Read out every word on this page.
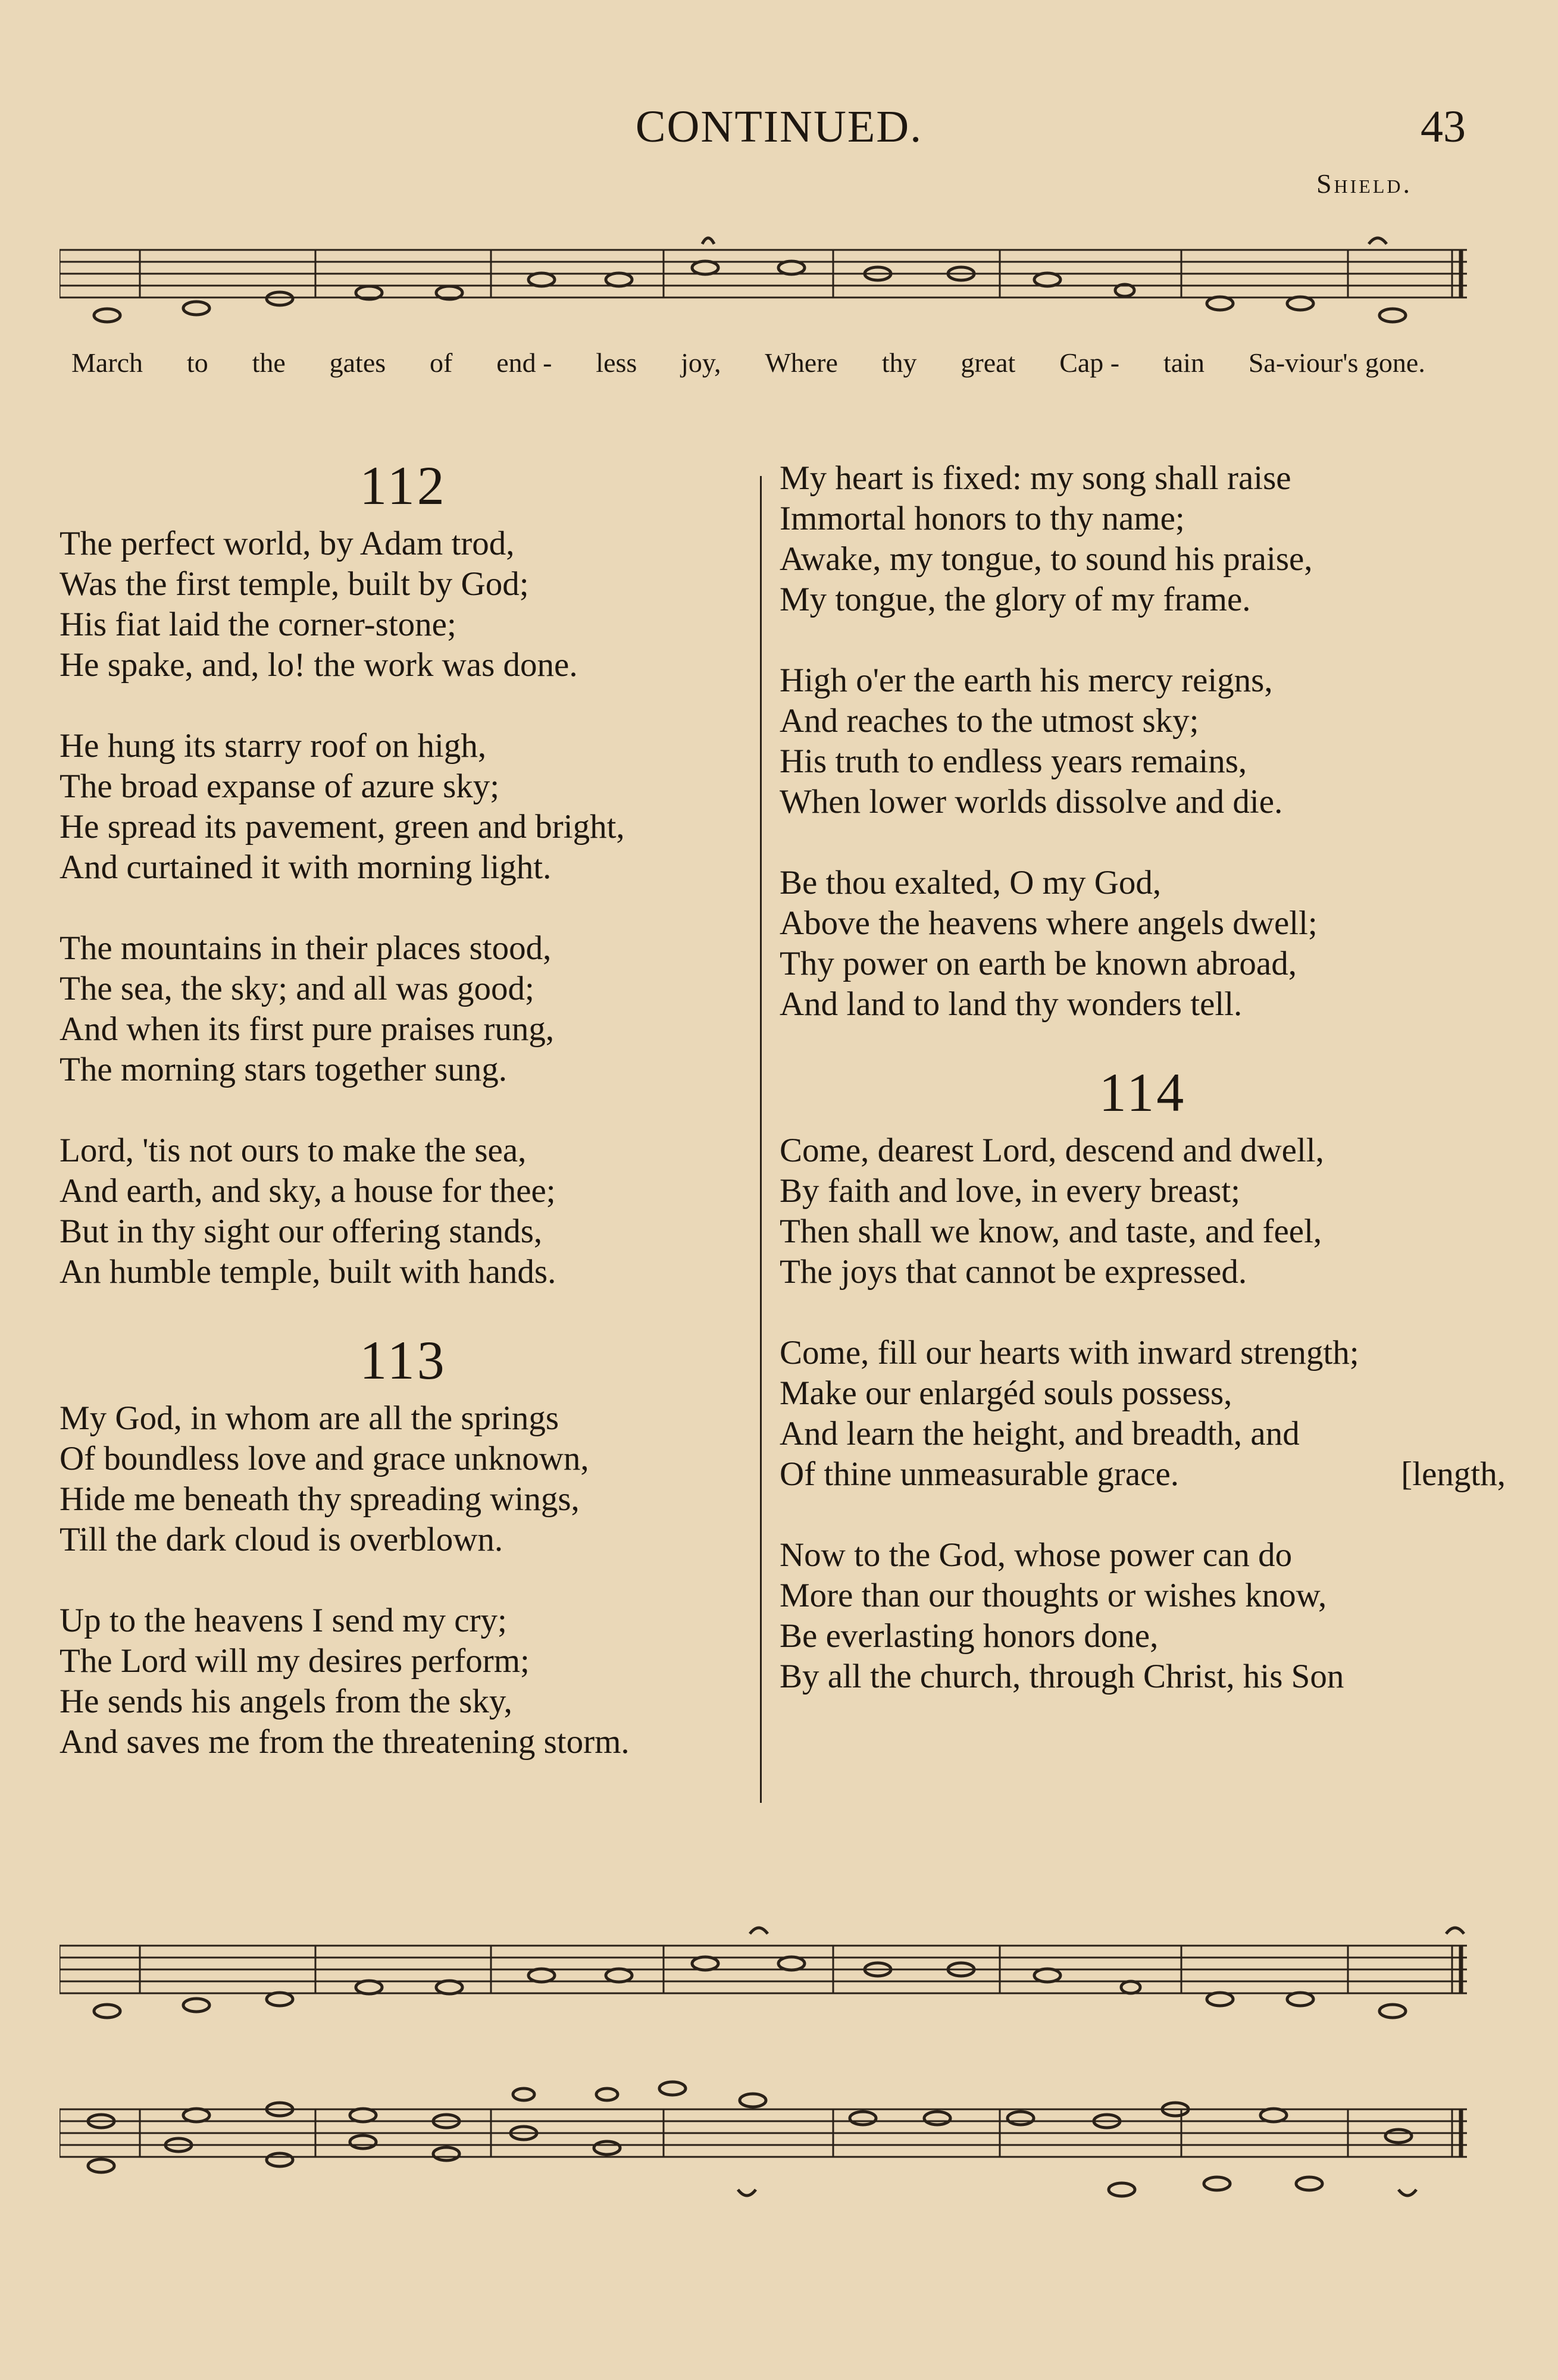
CONTINUED.	43
Shield.
March to the gates of end - less joy, Where thy great Cap - tain Sa-viour's gone.
112
The perfect world, by Adam trod,
Was the first temple, built by God;
His fiat laid the corner-stone;
He spake, and, lo! the work was done.
He hung its starry roof on high,
The broad expanse of azure sky;
He spread its pavement, green and bright,
And curtained it with morning light.
The mountains in their places stood,
The sea, the sky; and all was good;
And when its first pure praises rung,
The morning stars together sung.
Lord, 'tis not ours to make the sea,
And earth, and sky, a house for thee;
But in thy sight our offering stands,
An humble temple, built with hands.
113
My God, in whom are all the springs
Of boundless love and grace unknown,
Hide me beneath thy spreading wings,
Till the dark cloud is overblown.
Up to the heavens I send my cry;
The Lord will my desires perform;
He sends his angels from the sky,
And saves me from the threatening storm.
My heart is fixed: my song shall raise
Immortal honors to thy name;
Awake, my tongue, to sound his praise,
My tongue, the glory of my frame.
High o'er the earth his mercy reigns,
And reaches to the utmost sky;
His truth to endless years remains,
When lower worlds dissolve and die.
Be thou exalted, O my God,
Above the heavens where angels dwell;
Thy power on earth be known abroad,
And land to land thy wonders tell.
114
Come, dearest Lord, descend and dwell,
By faith and love, in every breast;
Then shall we know, and taste, and feel,
The joys that cannot be expressed.
Come, fill our hearts with inward strength;
Make our enlargéd souls possess,
And learn the height, and breadth, and
Of thine unmeasurable grace.	[length,
Now to the God, whose power can do
More than our thoughts or wishes know,
Be everlasting honors done,
By all the church, through Christ, his Son
